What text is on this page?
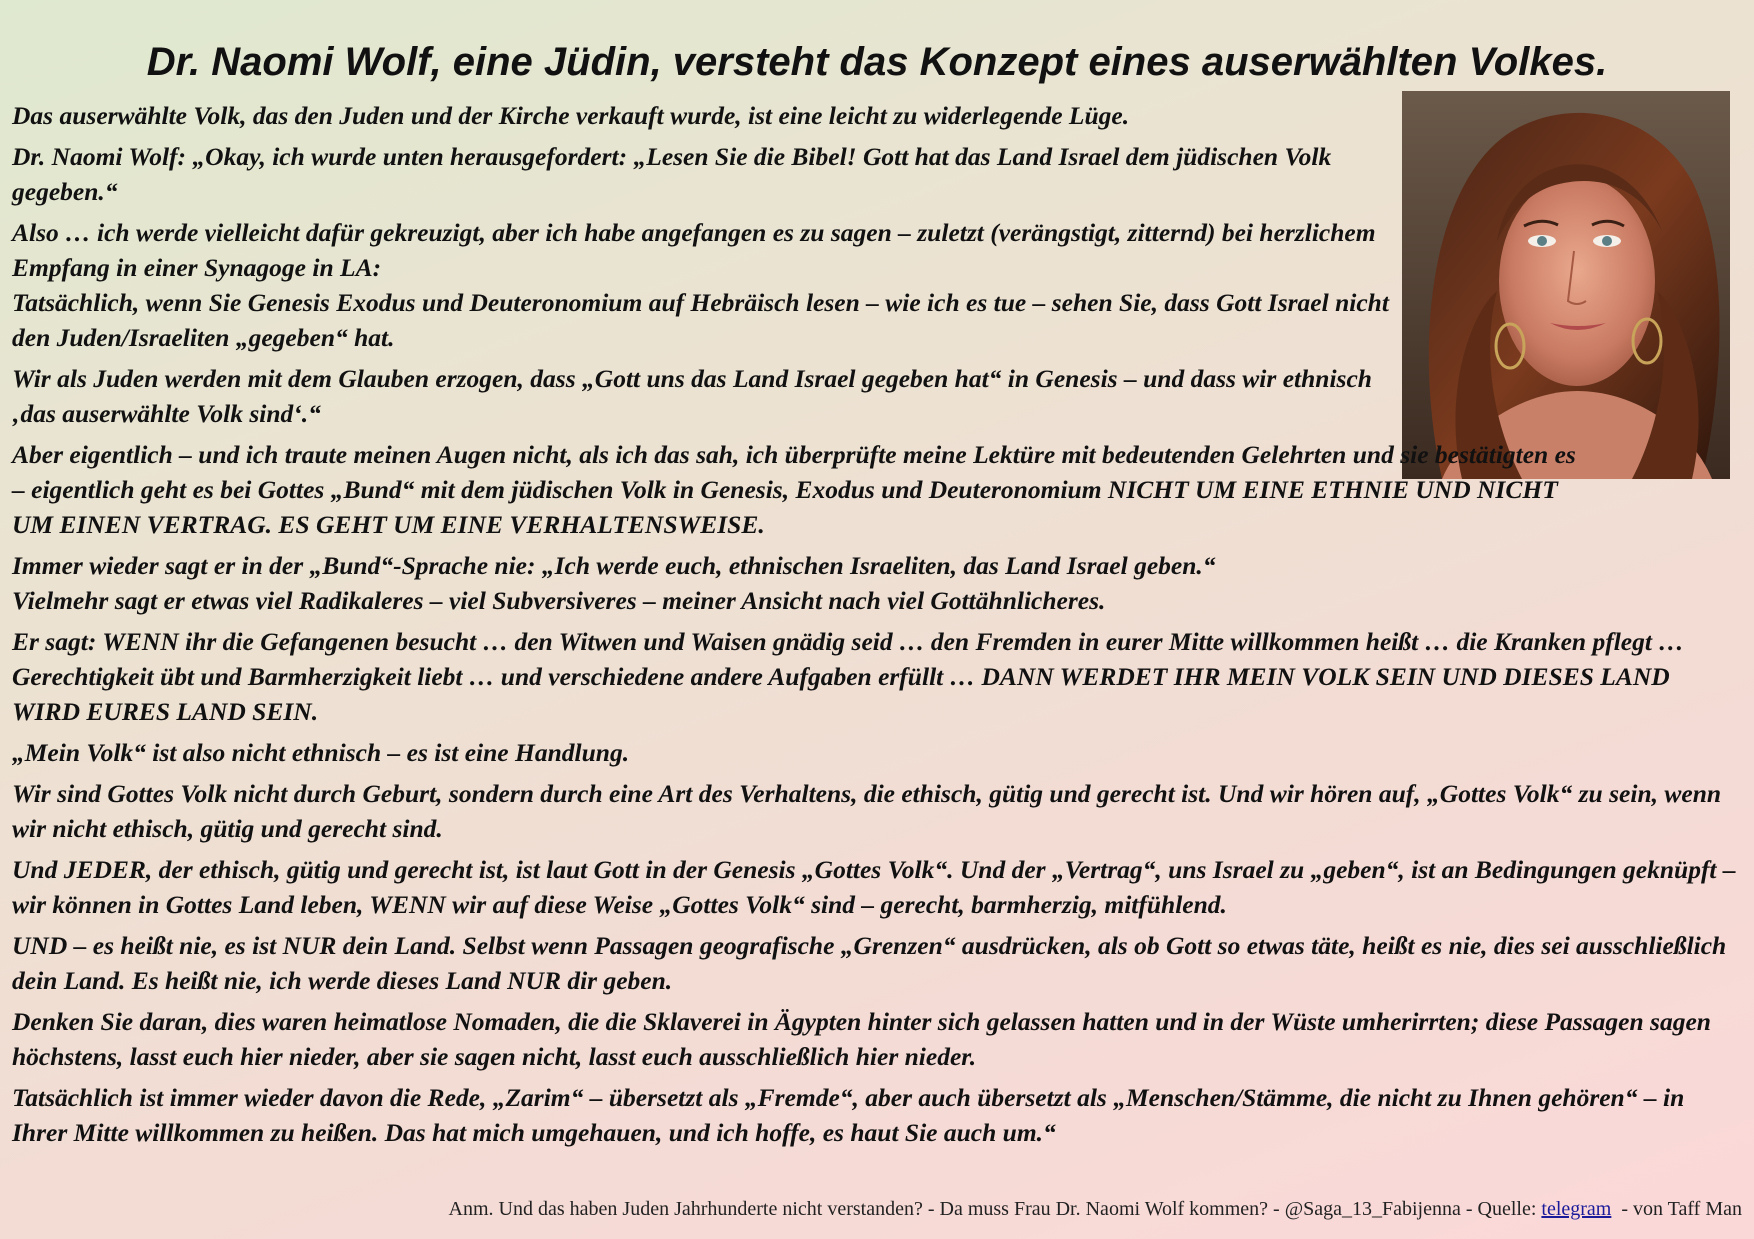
Dr. Naomi Wolf, eine Jüdin, versteht das Konzept eines auserwählten Volkes.

Das auserwählte Volk, das den Juden und der Kirche verkauft wurde, ist eine leicht zu widerlegende Lüge.

Dr. Naomi Wolf: „Okay, ich wurde unten herausgefordert: „Lesen Sie die Bibel! Gott hat das Land Israel dem jüdischen Volk gegeben.“

Also … ich werde vielleicht dafür gekreuzigt, aber ich habe angefangen es zu sagen – zuletzt (verängstigt, zitternd) bei herzlichem Empfang in einer Synagoge in LA:

Tatsächlich, wenn Sie Genesis Exodus und Deuteronomium auf Hebräisch lesen – wie ich es tue – sehen Sie, dass Gott Israel nicht den Juden/Israeliten „gegeben“ hat.

Wir als Juden werden mit dem Glauben erzogen, dass „Gott uns das Land Israel gegeben hat“ in Genesis – und dass wir ethnisch ‚das auserwählte Volk sind‘.“

Aber eigentlich – und ich traute meinen Augen nicht, als ich das sah, ich überprüfte meine Lektüre mit bedeutenden Gelehrten und sie bestätigten es – eigentlich geht es bei Gottes „Bund“ mit dem jüdischen Volk in Genesis, Exodus und Deuteronomium NICHT UM EINE ETHNIE UND NICHT UM EINEN VERTRAG. ES GEHT UM EINE VERHALTENSWEISE.

Immer wieder sagt er in der „Bund“-Sprache nie: „Ich werde euch, ethnischen Israeliten, das Land Israel geben.“

Vielmehr sagt er etwas viel Radikaleres – viel Subversiveres – meiner Ansicht nach viel Gottähnlicheres.

Er sagt: WENN ihr die Gefangenen besucht … den Witwen und Waisen gnädig seid … den Fremden in eurer Mitte willkommen heißt … die Kranken pflegt … Gerechtigkeit übt und Barmherzigkeit liebt … und verschiedene andere Aufgaben erfüllt … DANN WERDET IHR MEIN VOLK SEIN UND DIESES LAND WIRD EURES LAND SEIN.

„Mein Volk“ ist also nicht ethnisch – es ist eine Handlung.

Wir sind Gottes Volk nicht durch Geburt, sondern durch eine Art des Verhaltens, die ethisch, gütig und gerecht ist. Und wir hören auf, „Gottes Volk“ zu sein, wenn wir nicht ethisch, gütig und gerecht sind.

Und JEDER, der ethisch, gütig und gerecht ist, ist laut Gott in der Genesis „Gottes Volk“. Und der „Vertrag“, uns Israel zu „geben“, ist an Bedingungen geknüpft – wir können in Gottes Land leben, WENN wir auf diese Weise „Gottes Volk“ sind – gerecht, barmherzig, mitfühlend.

UND – es heißt nie, es ist NUR dein Land. Selbst wenn Passagen geografische „Grenzen“ ausdrücken, als ob Gott so etwas täte, heißt es nie, dies sei ausschließlich dein Land. Es heißt nie, ich werde dieses Land NUR dir geben.

Denken Sie daran, dies waren heimatlose Nomaden, die die Sklaverei in Ägypten hinter sich gelassen hatten und in der Wüste umherirrten; diese Passagen sagen höchstens, lasst euch hier nieder, aber sie sagen nicht, lasst euch ausschließlich hier nieder.

Tatsächlich ist immer wieder davon die Rede, „Zarim“ – übersetzt als „Fremde“, aber auch übersetzt als „Menschen/Stämme, die nicht zu Ihnen gehören“ – in Ihrer Mitte willkommen zu heißen. Das hat mich umgehauen, und ich hoffe, es haut Sie auch um.“

Anm. Und das haben Juden Jahrhunderte nicht verstanden? - Da muss Frau Dr. Naomi Wolf kommen? - @Saga_13_Fabijenna - Quelle: telegram  - von Taff Man
